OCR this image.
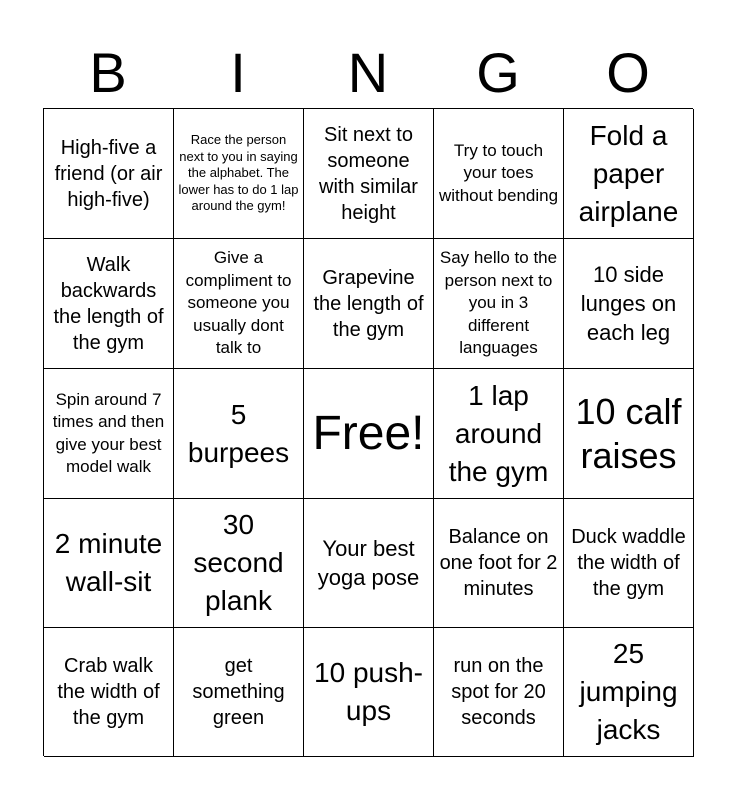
B	I	N	G	O
High-five a friend (or air high-five)
Race the person next to you in saying the alphabet. The lower has to do 1 lap around the gym!
Sit next to someone with similar height
Try to touch your toes without bending
Fold a paper airplane
Walk backwards the length of the gym
Give a compliment to someone you usually dont talk to
Grapevine the length of the gym
Say hello to the person next to you in 3 different languages
10 side lunges on each leg
Spin around 7 times and then give your best model walk
5 burpees Free!
1 lap around the gym
10 calf raises
2 minute wall-sit
30 second plank
Your best yoga pose
Balance on one foot for 2 minutes
Duck waddle the width of the gym
Crab walk the width of the gym
get something green
10 push-ups
run on the spot for 20 seconds
25 jumping jacks
